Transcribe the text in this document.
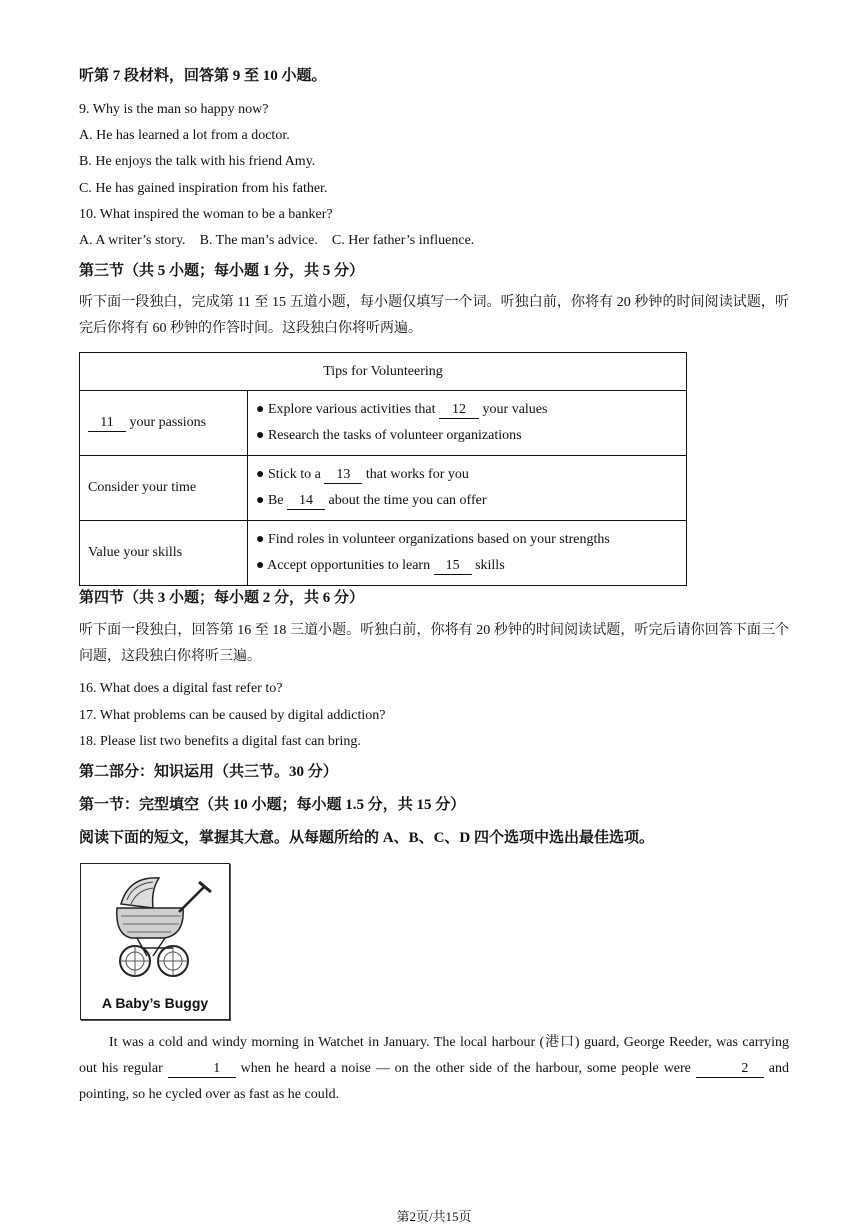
听第 7 段材料，回答第 9 至 10 小题。
9. Why is the man so happy now?
A. He has learned a lot from a doctor.
B. He enjoys the talk with his friend Amy.
C. He has gained inspiration from his father.
10. What inspired the woman to be a banker?
A. A writer’s story. B. The man’s advice. C. Her father’s influence.
第三节（共 5 小题；每小题 1 分，共 5 分）
听下面一段独白，完成第 11 至 15 五道小题，每小题仅填写一个词。听独白前，你将有 20 秒钟的时间阅读试题，听完后你将有 60 秒钟的作答时间。这段独白你将听两遍。
Tips for Volunteering	
11 your passions	● Explore various activities that 12 your values
● Research the tasks of volunteer organizations

Consider your time	● Stick to a 13 that works for you
● Be 14 about the time you can offer

Value your skills	● Find roles in volunteer organizations based on your strengths
● Accept opportunities to learn 15 skills
第四节（共 3 小题；每小题 2 分，共 6 分）
听下面一段独白，回答第 16 至 18 三道小题。听独白前，你将有 20 秒钟的时间阅读试题，听完后请你回答下面三个问题，这段独白你将听三遍。
16. What does a digital fast refer to?
17. What problems can be caused by digital addiction?
18. Please list two benefits a digital fast can bring.
第二部分：知识运用（共三节。30 分）
第一节：完型填空（共 10 小题；每小题 1.5 分，共 15 分）
阅读下面的短文，掌握其大意。从每题所给的 A、B、C、D 四个选项中选出最佳选项。
A Baby’s Buggy
It was a cold and windy morning in Watchet in January. The local harbour (港口) guard, George Reeder, was carrying out his regular	1 when he heard a noise — on the other side of the harbour, some people were	2 and pointing, so he cycled over as fast as he could.
第2页/共15页
